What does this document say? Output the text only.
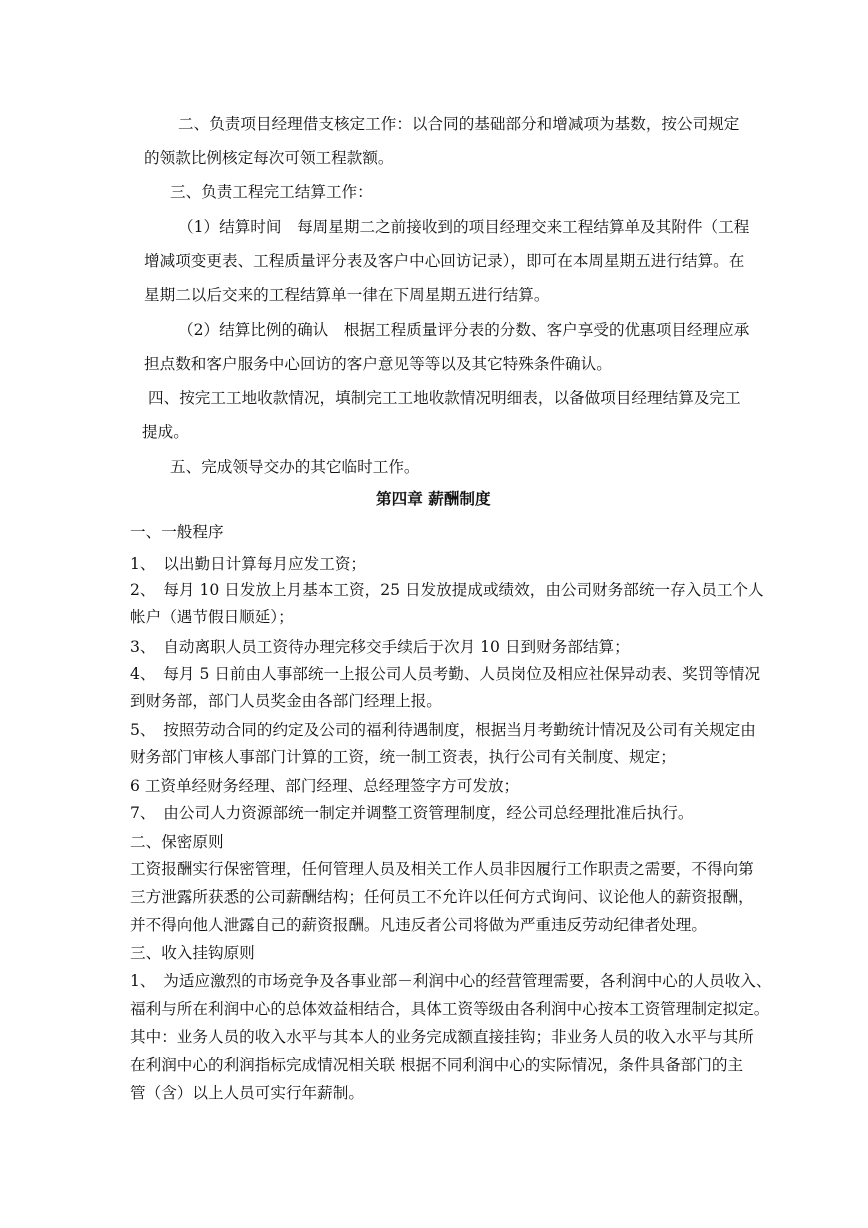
二、负责项目经理借支核定工作：以合同的基础部分和增减项为基数，按公司规定
的领款比例核定每次可领工程款额。
三、负责工程完工结算工作：
（1）结算时间　每周星期二之前接收到的项目经理交来工程结算单及其附件（工程
增减项变更表、工程质量评分表及客户中心回访记录），即可在本周星期五进行结算。在
星期二以后交来的工程结算单一律在下周星期五进行结算。
（2）结算比例的确认　根据工程质量评分表的分数、客户享受的优惠项目经理应承
担点数和客户服务中心回访的客户意见等等以及其它特殊条件确认。
四、按完工工地收款情况，填制完工工地收款情况明细表，以备做项目经理结算及完工
提成。
五、完成领导交办的其它临时工作。
第四章 薪酬制度
一、一般程序
1、　以出勤日计算每月应发工资；
2、　每月 10 日发放上月基本工资，25 日发放提成或绩效，由公司财务部统一存入员工个人
帐户（遇节假日顺延）；
3、　自动离职人员工资待办理完移交手续后于次月 10 日到财务部结算；
4、　每月 5 日前由人事部统一上报公司人员考勤、人员岗位及相应社保异动表、奖罚等情况
到财务部，部门人员奖金由各部门经理上报。
5、　按照劳动合同的约定及公司的福利待遇制度，根据当月考勤统计情况及公司有关规定由
财务部门审核人事部门计算的工资，统一制工资表，执行公司有关制度、规定；
6 工资单经财务经理、部门经理、总经理签字方可发放；
7、　由公司人力资源部统一制定并调整工资管理制度，经公司总经理批准后执行。
二、保密原则
工资报酬实行保密管理，任何管理人员及相关工作人员非因履行工作职责之需要，不得向第
三方泄露所获悉的公司薪酬结构；任何员工不允许以任何方式询问、议论他人的薪资报酬，
并不得向他人泄露自己的薪资报酬。凡违反者公司将做为严重违反劳动纪律者处理。
三、收入挂钩原则
1、　为适应激烈的市场竞争及各事业部－利润中心的经营管理需要，各利润中心的人员收入、
福利与所在利润中心的总体效益相结合，具体工资等级由各利润中心按本工资管理制定拟定。
其中：业务人员的收入水平与其本人的业务完成额直接挂钩；非业务人员的收入水平与其所
在利润中心的利润指标完成情况相关联 根据不同利润中心的实际情况，条件具备部门的主
管（含）以上人员可实行年薪制。
